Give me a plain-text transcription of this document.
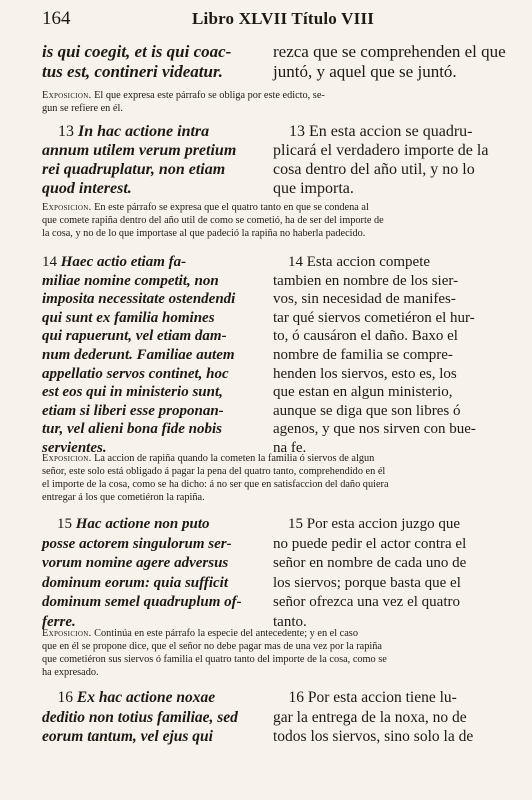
164	Libro XLVII Título VIII

is qui coegit, et is qui coac-
tus est, contineri videatur.

rezca que se comprehenden el que
juntó, y aquel que se juntó.

Exposicion. El que expresa este párrafo se obliga por este edicto, se-
gun se refiere en él.

 13 In hac actione intra
annum utilem verum pretium
rei quadruplatur, non etiam
quod interest.

 13 En esta accion se quadru-
plicará el verdadero importe de la
cosa dentro del año util, y no lo
que importa.

Exposicion. En este párrafo se expresa que el quatro tanto en que se condena al
que comete rapiña dentro del año util de como se cometió, ha de ser del importe de
la cosa, y no de lo que importase al que padeció la rapiña no haberla padecido.

14 Haec actio etiam fa-
miliae nomine competit, non
imposita necessitate ostendendi
qui sunt ex familia homines
qui rapuerunt, vel etiam dam-
num dederunt. Familiae autem
appellatio servos continet, hoc
est eos qui in ministerio sunt,
etiam si liberi esse proponan-
tur, vel alieni bona fide nobis
servientes.

 14 Esta accion compete
tambien en nombre de los sier-
vos, sin necesidad de manifes-
tar qué siervos cometiéron el hur-
to, ó causáron el daño. Baxo el
nombre de familia se compre-
henden los siervos, esto es, los
que estan en algun ministerio,
aunque se diga que son libres ó
agenos, y que nos sirven con bue-
na fe.

Exposicion. La accion de rapiña quando la cometen la familia ó siervos de algun
señor, este solo está obligado á pagar la pena del quatro tanto, comprehendido en él
el importe de la cosa, como se ha dicho: á no ser que en satisfaccion del daño quiera
entregar á los que cometiéron la rapiña.

 15 Hac actione non puto
posse actorem singulorum ser-
vorum nomine agere adversus
dominum eorum: quia sufficit
dominum semel quadruplum of-
ferre.

 15 Por esta accion juzgo que
no puede pedir el actor contra el
señor en nombre de cada uno de
los siervos; porque basta que el
señor ofrezca una vez el quatro
tanto.

Exposicion. Continúa en este párrafo la especie del antecedente; y en el caso
que en él se propone dice, que el señor no debe pagar mas de una vez por la rapiña
que cometiéron sus siervos ó familia el quatro tanto del importe de la cosa, como se
ha expresado.

 16 Ex hac actione noxae
deditio non totius familiae, sed
eorum tantum, vel ejus qui

 16 Por esta accion tiene lu-
gar la entrega de la noxa, no de
todos los siervos, sino solo la de
